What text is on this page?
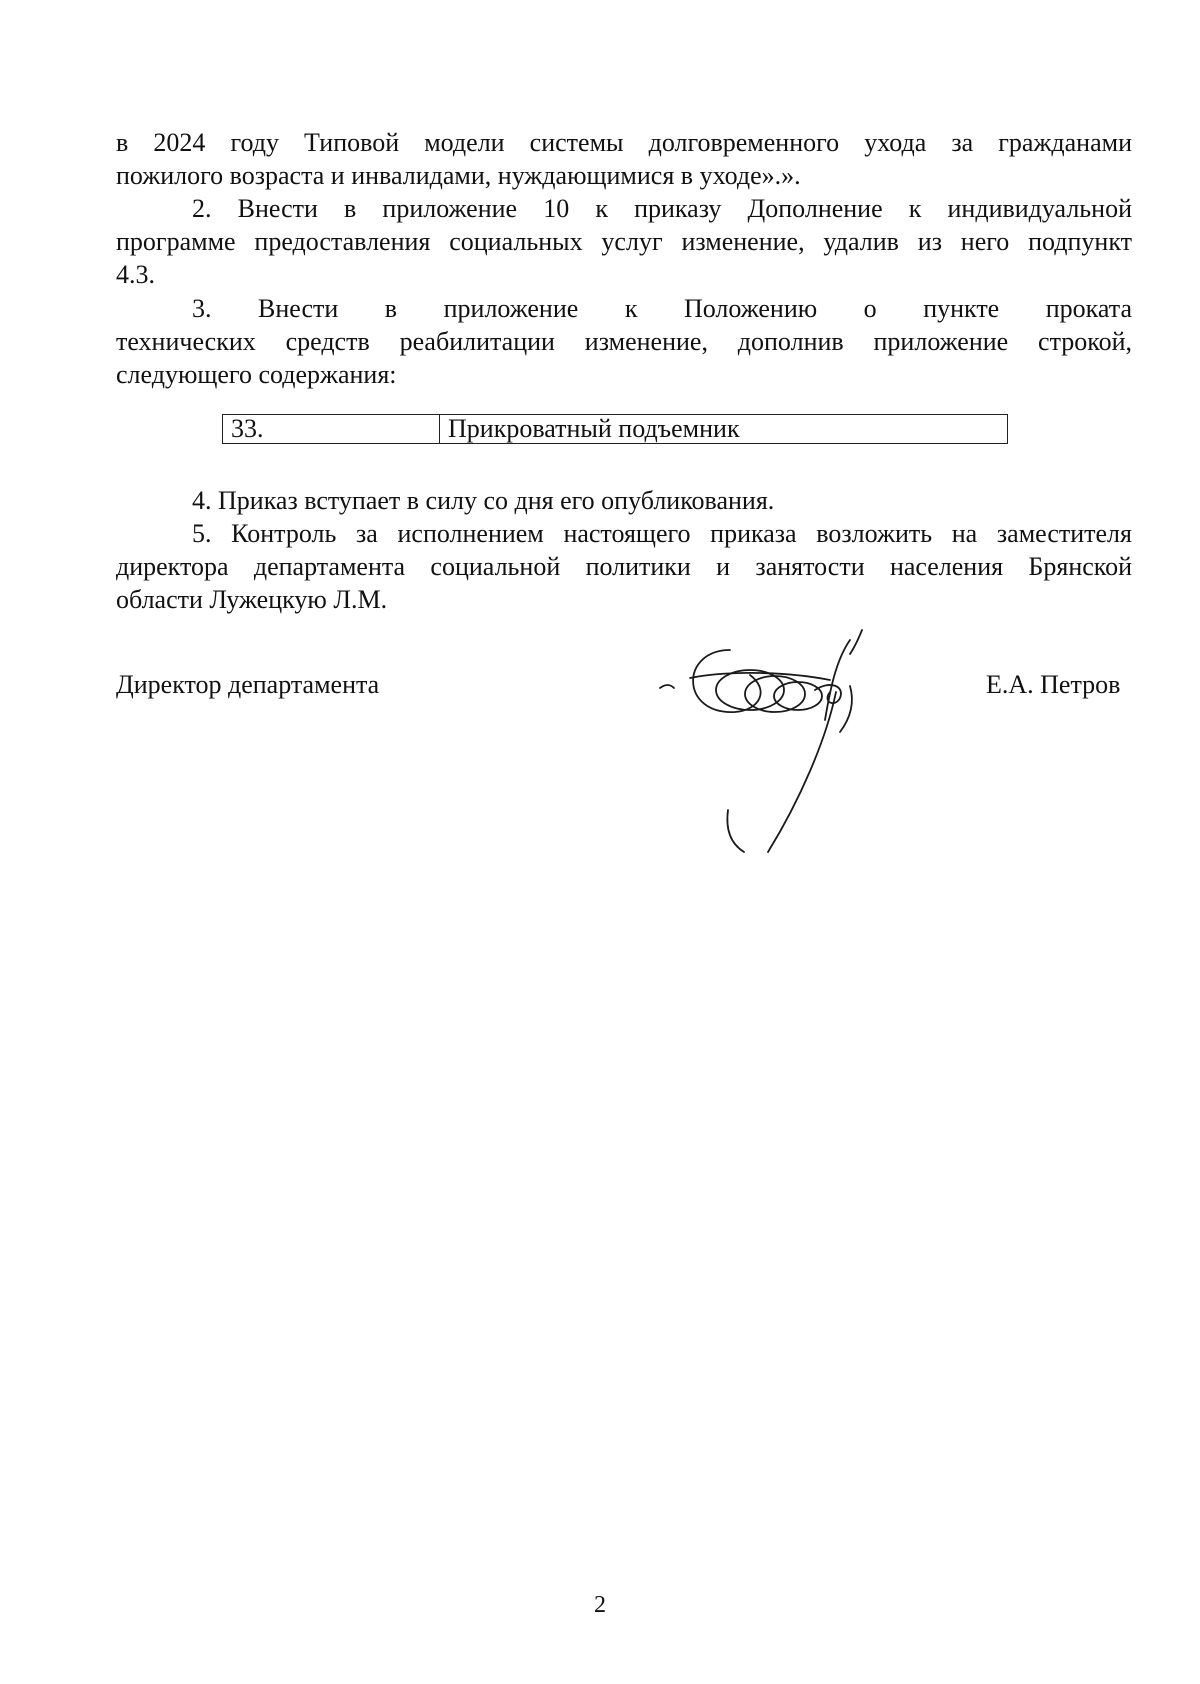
в 2024 году Типовой модели системы долговременного ухода за гражданами
пожилого возраста и инвалидами, нуждающимися в уходе».».
2. Внести в приложение 10 к приказу Дополнение к индивидуальной
программе предоставления социальных услуг изменение, удалив из него подпункт
4.3.
3. Внести в приложение к Положению о пункте проката
технических средств реабилитации изменение, дополнив приложение строкой,
следующего содержания:
33.	Прикроватный подъемник
4. Приказ вступает в силу со дня его опубликования.
5. Контроль за исполнением настоящего приказа возложить на заместителя
директора департамента социальной политики и занятости населения Брянской
области Лужецкую Л.М.
Директор департамента	Е.А. Петров
2
